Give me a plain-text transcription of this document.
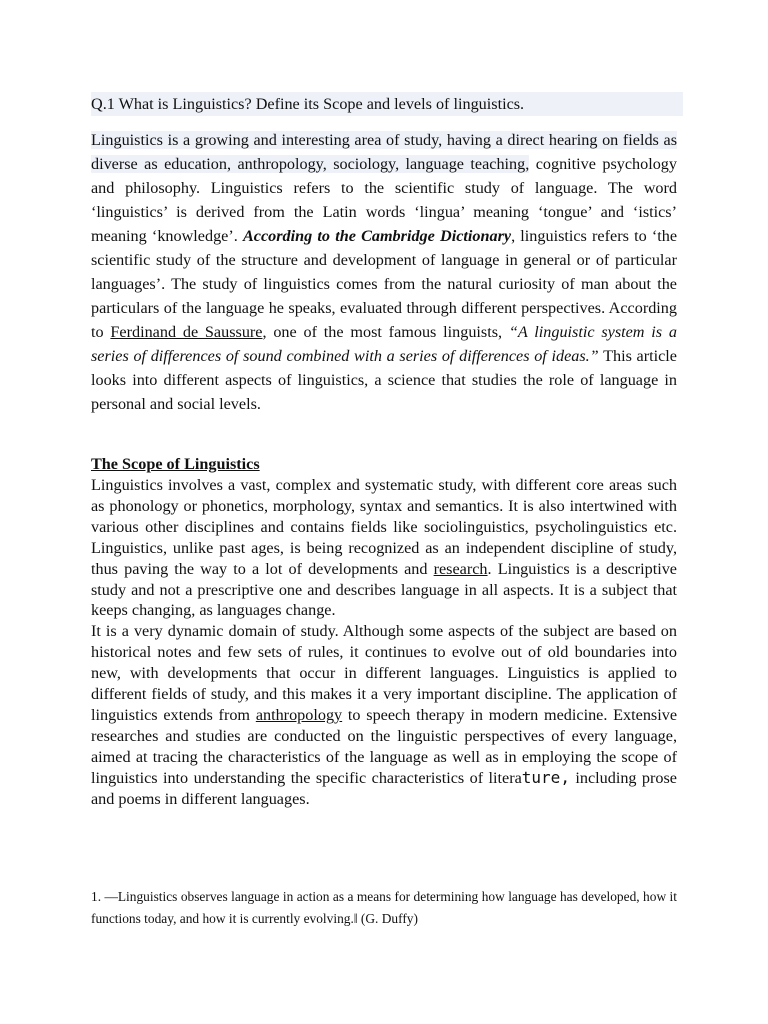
Q.1 What is Linguistics? Define its Scope and levels of linguistics.
Linguistics is a growing and interesting area of study, having a direct hearing on fields as diverse as education, anthropology, sociology, language teaching, cognitive psychology and philosophy. Linguistics refers to the scientific study of language. The word ‘linguistics’ is derived from the Latin words ‘lingua’ meaning ‘tongue’ and ‘istics’ meaning ‘knowledge’. According to the Cambridge Dictionary, linguistics refers to ‘the scientific study of the structure and development of language in general or of particular languages’. The study of linguistics comes from the natural curiosity of man about the particulars of the language he speaks, evaluated through different perspectives. According to Ferdinand de Saussure, one of the most famous linguists, “A linguistic system is a series of differences of sound combined with a series of differences of ideas.” This article looks into different aspects of linguistics, a science that studies the role of language in personal and social levels.
The Scope of Linguistics

Linguistics involves a vast, complex and systematic study, with different core areas such as phonology or phonetics, morphology, syntax and semantics. It is also intertwined with various other disciplines and contains fields like sociolinguistics, psycholinguistics etc. Linguistics, unlike past ages, is being recognized as an independent discipline of study, thus paving the way to a lot of developments and research. Linguistics is a descriptive study and not a prescriptive one and describes language in all aspects. It is a subject that keeps changing, as languages change.

It is a very dynamic domain of study. Although some aspects of the subject are based on historical notes and few sets of rules, it continues to evolve out of old boundaries into new, with developments that occur in different languages. Linguistics is applied to different fields of study, and this makes it a very important discipline. The application of linguistics extends from anthropology to speech therapy in modern medicine. Extensive researches and studies are conducted on the linguistic perspectives of every language, aimed at tracing the characteristics of the language as well as in employing the scope of linguistics into understanding the specific characteristics of literature, including prose and poems in different languages.

1. —Linguistics observes language in action as a means for determining how language has developed, how it functions today, and how it is currently evolving.‖ (G. Duffy)
